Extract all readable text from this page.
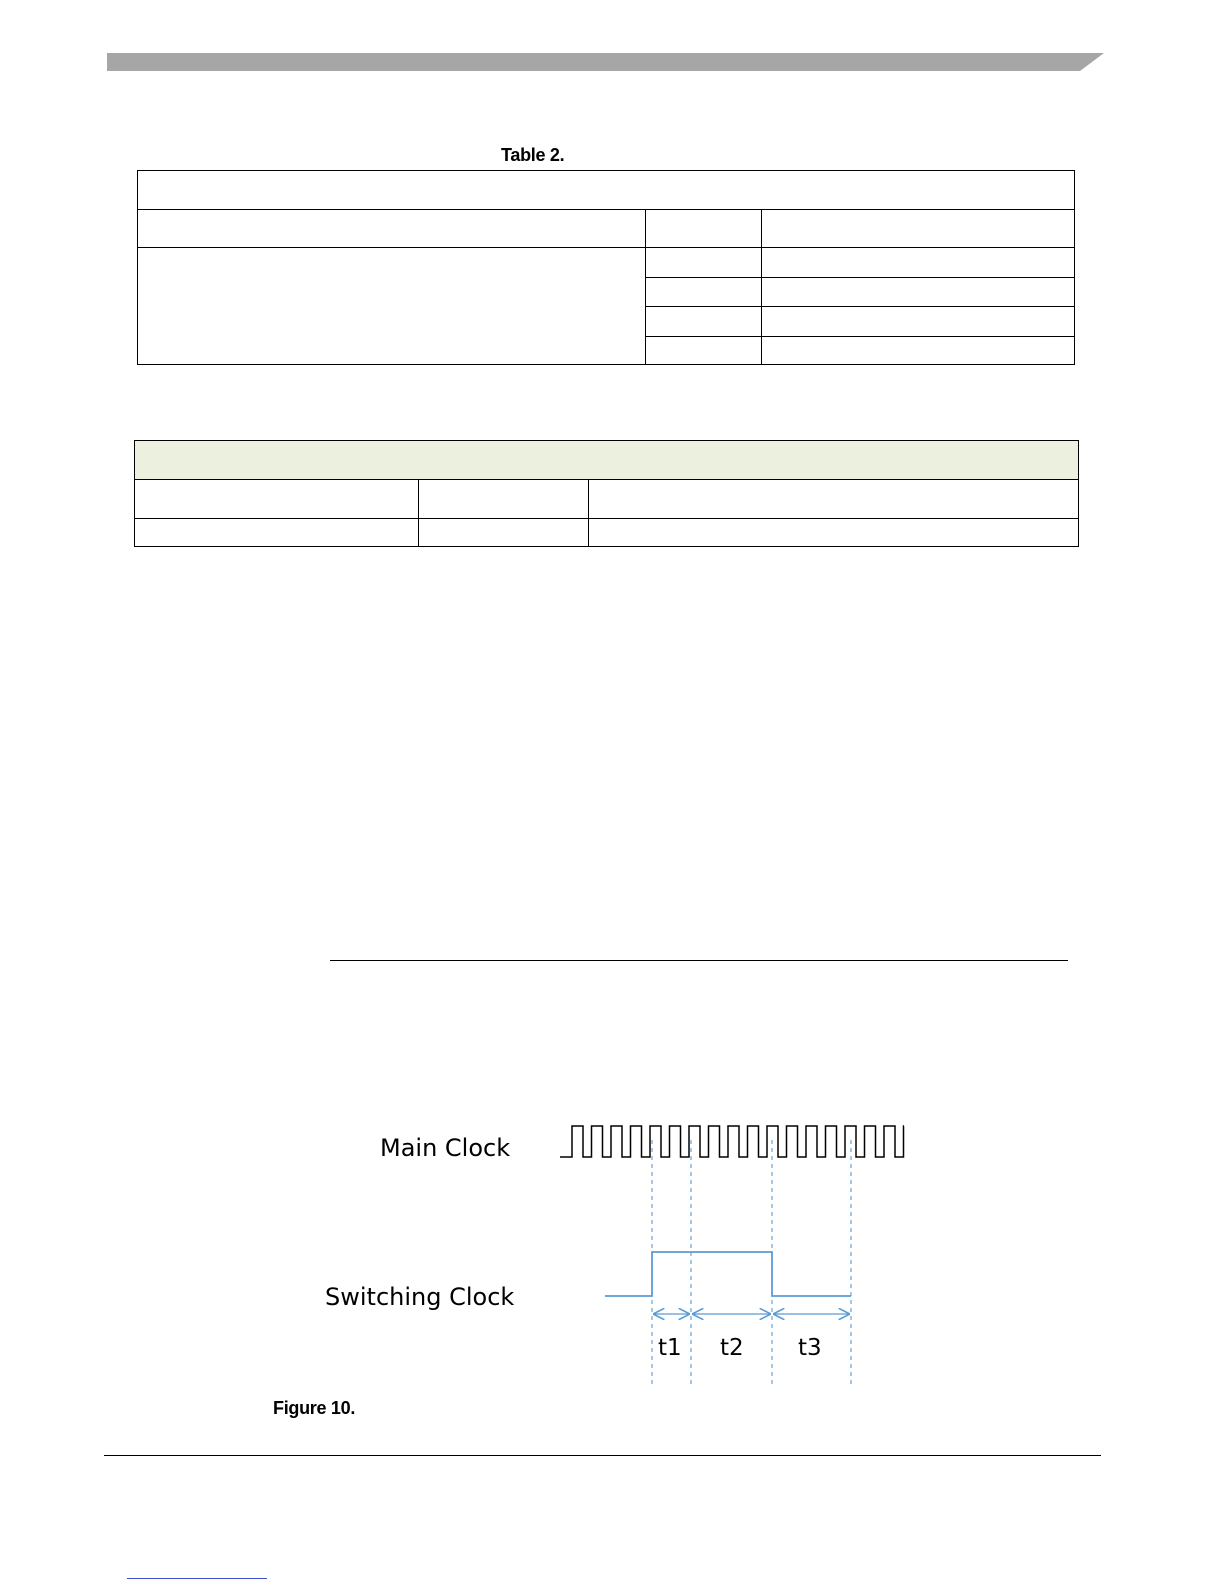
Table 2.

Main Clock
Switching Clock
t1 t2 t3
Figure 10.
